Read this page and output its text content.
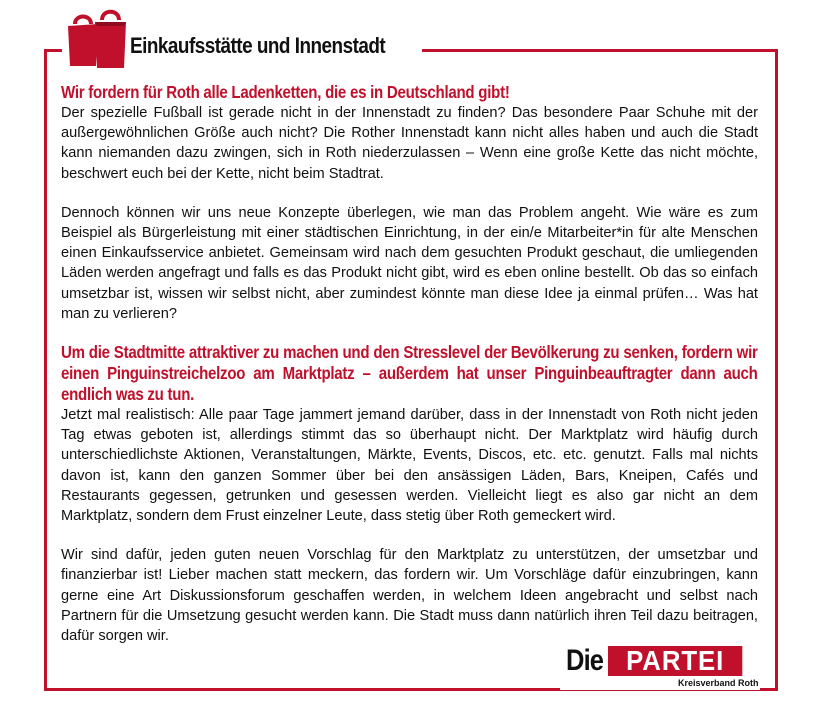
Einkaufsstätte und Innenstadt
Wir fordern für Roth alle Ladenketten, die es in Deutschland gibt!

Der spezielle Fußball ist gerade nicht in der Innenstadt zu finden? Das besondere Paar Schuhe mit der außergewöhnlichen Größe auch nicht? Die Rother Innenstadt kann nicht alles haben und auch die Stadt kann niemanden dazu zwingen, sich in Roth niederzulassen – Wenn eine große Kette das nicht möchte, beschwert euch bei der Kette, nicht beim Stadtrat.

Dennoch können wir uns neue Konzepte überlegen, wie man das Problem angeht. Wie wäre es zum Beispiel als Bürgerleistung mit einer städtischen Einrichtung, in der ein/e Mitarbeiter*in für alte Menschen einen Einkaufsservice anbietet. Gemeinsam wird nach dem gesuchten Produkt geschaut, die umliegenden Läden werden angefragt und falls es das Produkt nicht gibt, wird es eben online bestellt. Ob das so einfach umsetzbar ist, wissen wir selbst nicht, aber zumindest könnte man diese Idee ja einmal prüfen… Was hat man zu verlieren?

Um die Stadtmitte attraktiver zu machen und den Stresslevel der Bevölkerung zu senken, fordern wir einen Pinguinstreichelzoo am Marktplatz – außerdem hat unser Pinguinbeauftragter dann auch endlich was zu tun.

Jetzt mal realistisch: Alle paar Tage jammert jemand darüber, dass in der Innenstadt von Roth nicht jeden Tag etwas geboten ist, allerdings stimmt das so überhaupt nicht. Der Marktplatz wird häufig durch unterschiedlichste Aktionen, Veranstaltungen, Märkte, Events, Discos, etc. etc. genutzt. Falls mal nichts davon ist, kann den ganzen Sommer über bei den ansässigen Läden, Bars, Kneipen, Cafés und Restaurants gegessen, getrunken und gesessen werden. Vielleicht liegt es also gar nicht an dem Marktplatz, sondern dem Frust einzelner Leute, dass stetig über Roth gemeckert wird.

Wir sind dafür, jeden guten neuen Vorschlag für den Marktplatz zu unterstützen, der umsetzbar und finanzierbar ist! Lieber machen statt meckern, das fordern wir. Um Vorschläge dafür einzubringen, kann gerne eine Art Diskussionsforum geschaffen werden, in welchem Ideen angebracht und selbst nach Partnern für die Umsetzung gesucht werden kann. Die Stadt muss dann natürlich ihren Teil dazu beitragen, dafür sorgen wir.

Die PARTEI
Kreisverband Roth
